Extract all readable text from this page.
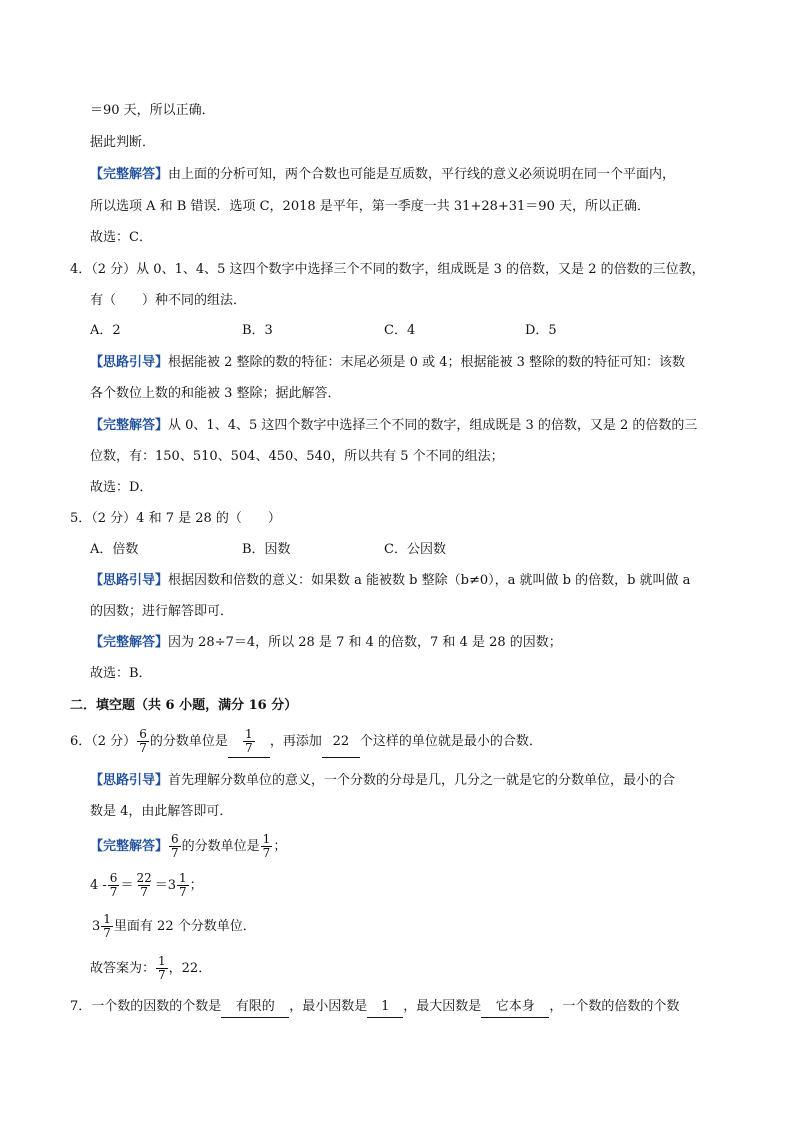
＝90 天，所以正确．
据此判断．
【完整解答】由上面的分析可知，两个合数也可能是互质数，平行线的意义必须说明在同一个平面内，
所以选项 A 和 B 错误．选项 C，2018 是平年，第一季度一共 31+28+31＝90 天，所以正确．
故选：C．
4．（2 分）从 0、1、4、5 这四个数字中选择三个不同的数字，组成既是 3 的倍数，又是 2 的倍数的三位教，
有（　　）种不同的组法．
A．2	B．3	C．4	D．5
【思路引导】根据能被 2 整除的数的特征：末尾必须是 0 或 4；根据能被 3 整除的数的特征可知：该数
各个数位上数的和能被 3 整除；据此解答．
【完整解答】从 0、1、4、5 这四个数字中选择三个不同的数字，组成既是 3 的倍数，又是 2 的倍数的三
位数，有：150、510、504、450、540，所以共有 5 个不同的组法；
故选：D．
5．（2 分）4 和 7 是 28 的（　　）
A．倍数	B．因数	C．公因数
【思路引导】根据因数和倍数的意义：如果数 a 能被数 b 整除（b≠0），a 就叫做 b 的倍数，b 就叫做 a
的因数；进行解答即可．
【完整解答】因为 28÷7＝4，所以 28 是 7 和 4 的倍数，7 和 4 是 28 的因数；
故选：B．
二．填空题（共 6 小题，满分 16 分）
6．（2 分） $\frac{6}{7}$ 的分数单位是 $\frac{1}{7}$ ，再添加 22 个这样的单位就是最小的合数．
【思路引导】首先理解分数单位的意义，一个分数的分母是几，几分之一就是它的分数单位，最小的合
数是 4，由此解答即可．
【完整解答】 $\frac{6}{7}$ 的分数单位是 $\frac{1}{7}$ ；
$4 - \frac{6}{7} = \frac{22}{7} =3 \frac{1}{7}$ ；
$3 \frac{1}{7}$ 里面有 22 个分数单位．
故答案为： $\frac{1}{7}$ ，22．
7．一个数的因数的个数是 有限的 ，最小因数是 1 ，最大因数是 它本身 ，一个数的倍数的个数
